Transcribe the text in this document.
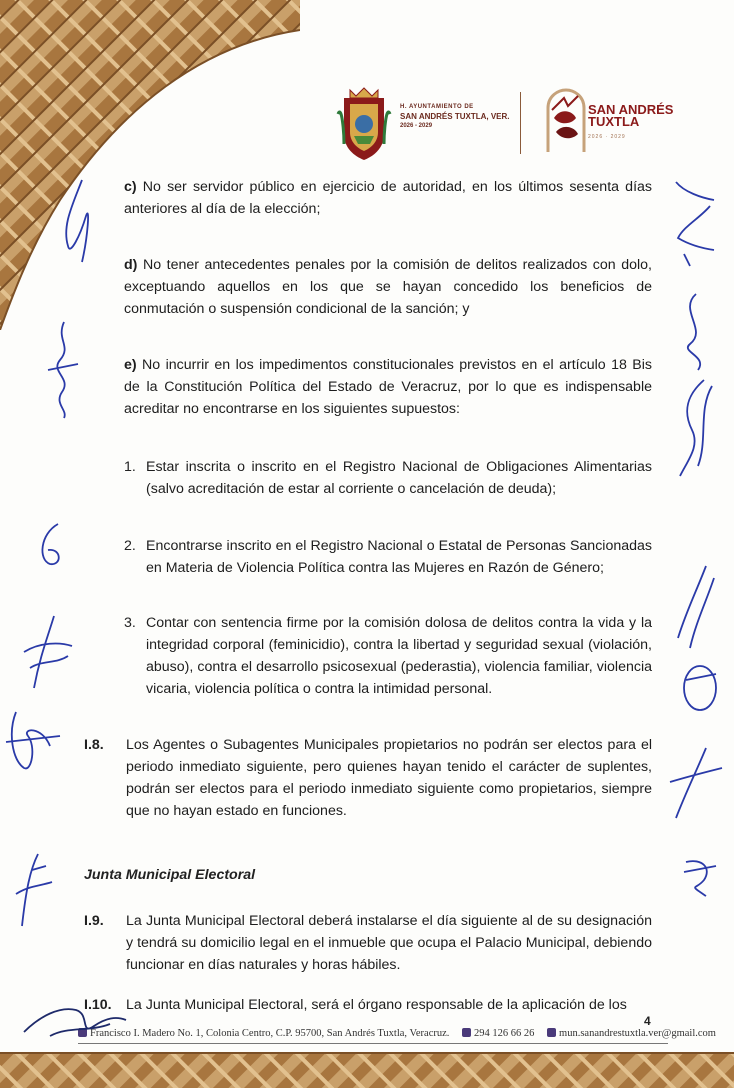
H. AYUNTAMIENTO DE
SAN ANDRÉS TUXTLA, VER.
2026 - 2029
SAN ANDRÉS
TUXTLA
2026 · 2029
c) No ser servidor público en ejercicio de autoridad, en los últimos sesenta días anteriores al día de la elección;
d) No tener antecedentes penales por la comisión de delitos realizados con dolo, exceptuando aquellos en los que se hayan concedido los beneficios de conmutación o suspensión condicional de la sanción; y
e) No incurrir en los impedimentos constitucionales previstos en el artículo 18 Bis de la Constitución Política del Estado de Veracruz, por lo que es indispensable acreditar no encontrarse en los siguientes supuestos:
1. Estar inscrita o inscrito en el Registro Nacional de Obligaciones Alimentarias (salvo acreditación de estar al corriente o cancelación de deuda);
2. Encontrarse inscrito en el Registro Nacional o Estatal de Personas Sancionadas en Materia de Violencia Política contra las Mujeres en Razón de Género;
3. Contar con sentencia firme por la comisión dolosa de delitos contra la vida y la integridad corporal (feminicidio), contra la libertad y seguridad sexual (violación, abuso), contra el desarrollo psicosexual (pederastia), violencia familiar, violencia vicaria, violencia política o contra la intimidad personal.
I.8. Los Agentes o Subagentes Municipales propietarios no podrán ser electos para el periodo inmediato siguiente, pero quienes hayan tenido el carácter de suplentes, podrán ser electos para el periodo inmediato siguiente como propietarios, siempre que no hayan estado en funciones.
Junta Municipal Electoral
I.9. La Junta Municipal Electoral deberá instalarse el día siguiente al de su designación y tendrá su domicilio legal en el inmueble que ocupa el Palacio Municipal, debiendo funcionar en días naturales y horas hábiles.
I.10. La Junta Municipal Electoral, será el órgano responsable de la aplicación de los
4
Francisco I. Madero No. 1, Colonia Centro, C.P. 95700, San Andrés Tuxtla, Veracruz. 294 126 66 26 mun.sanandrestuxtla.ver@gmail.com
